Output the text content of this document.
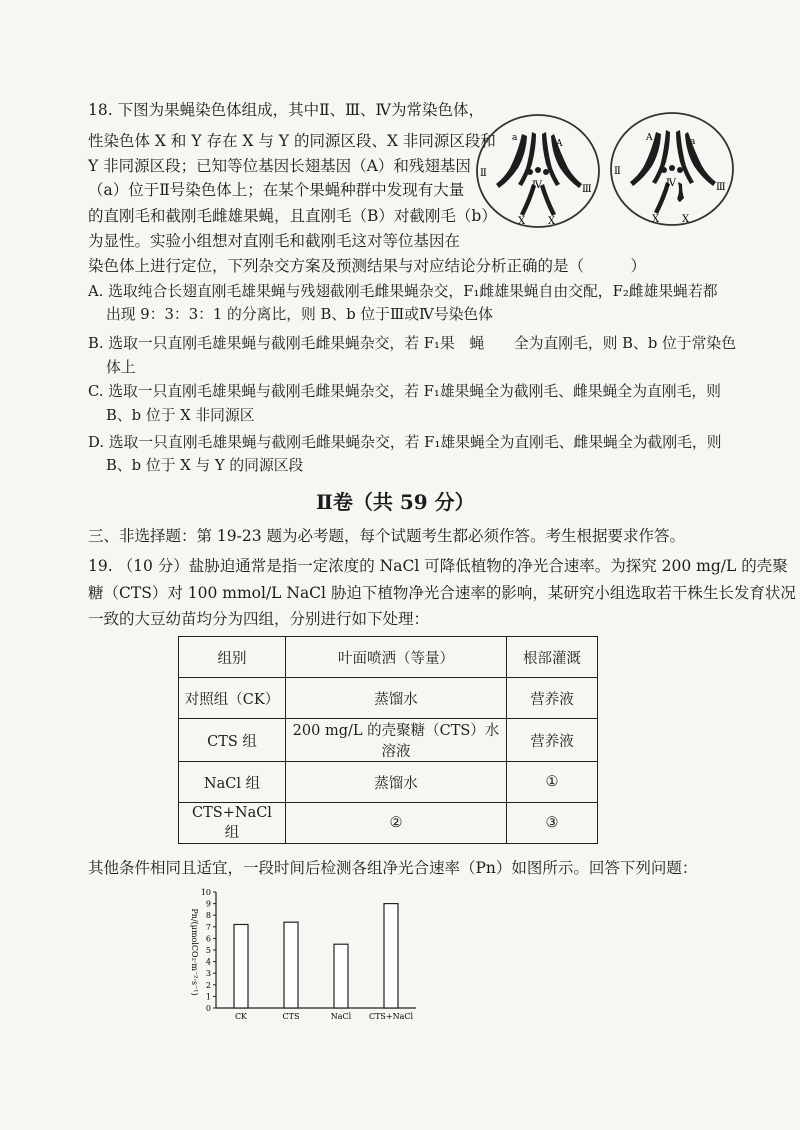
18. 下图为果蝇染色体组成，其中Ⅱ、Ⅲ、Ⅳ为常染色体，
性染色体 X 和 Y 存在 X 与 Y 的同源区段、X 非同源区段和
Y 非同源区段；已知等位基因长翅基因（A）和残翅基因
（a）位于Ⅱ号染色体上；在某个果蝇种群中发现有大量
的直刚毛和截刚毛雌雄果蝇，且直刚毛（B）对截刚毛（b）
为显性。实验小组想对直刚毛和截刚毛这对等位基因在
染色体上进行定位，下列杂交方案及预测结果与对应结论分析正确的是（　　　）
A. 选取纯合长翅直刚毛雄果蝇与残翅截刚毛雌果蝇杂交，F₁雌雄果蝇自由交配，F₂雌雄果蝇若都
出现 9：3：3：1 的分离比，则 B、b 位于Ⅲ或Ⅳ号染色体
B. 选取一只直刚毛雄果蝇与截刚毛雌果蝇杂交，若 F₁果　蝇　　全为直刚毛，则 B、b 位于常染色
体上
C. 选取一只直刚毛雄果蝇与截刚毛雌果蝇杂交，若 F₁雄果蝇全为截刚毛、雌果蝇全为直刚毛，则
B、b 位于 X 非同源区
D. 选取一只直刚毛雄果蝇与截刚毛雌果蝇杂交，若 F₁雄果蝇全为直刚毛、雌果蝇全为截刚毛，则
B、b 位于 X 与 Y 的同源区段
a
A
Ⅱ
Ⅳ	Ⅲ
X X
A	a
Ⅱ
Ⅳ	Ⅲ
X X
Ⅱ卷（共 59 分）
三、非选择题：第 19-23 题为必考题，每个试题考生都必须作答。考生根据要求作答。
19. （10 分）盐胁迫通常是指一定浓度的 NaCl 可降低植物的净光合速率。为探究 200 mg/L 的壳聚
糖（CTS）对 100 mmol/L NaCl 胁迫下植物净光合速率的影响，某研究小组选取若干株生长发育状况
一致的大豆幼苗均分为四组，分别进行如下处理：
组别	叶面喷洒（等量）	根部灌溉
对照组（CK）	蒸馏水	营养液
CTS 组	200 mg/L 的壳聚糖（CTS）水溶液	营养液
NaCl 组	蒸馏水	①
CTS+NaCl 组	②	③
其他条件相同且适宜，一段时间后检测各组净光合速率（Pn）如图所示。回答下列问题：
Pn/(μmolCO₂·m⁻²·s⁻¹)
0
1
2
3
4
5
6
7
8
9
10
CK	CTS	NaCl CTS+NaCl
